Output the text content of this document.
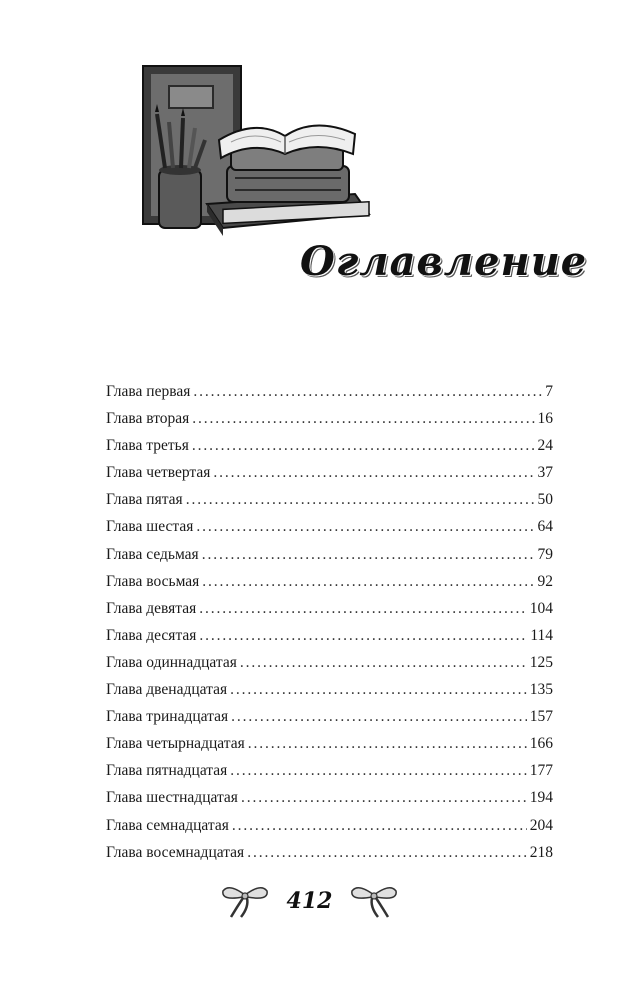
Оглавление
Глава первая . . .	7
Глава вторая . . .	16
Глава третья . . .	24
Глава четвертая . . .	37
Глава пятая . . .	50
Глава шестая . . .	64
Глава седьмая . . .	79
Глава восьмая . . .	92
Глава девятая . . .	104
Глава десятая . . .	114
Глава одиннадцатая . . .	125
Глава двенадцатая . . .	135
Глава тринадцатая . . .	157
Глава четырнадцатая . . .	166
Глава пятнадцатая . . .	177
Глава шестнадцатая . . .	194
Глава семнадцатая . . .	204
Глава восемнадцатая . . .	218
412
